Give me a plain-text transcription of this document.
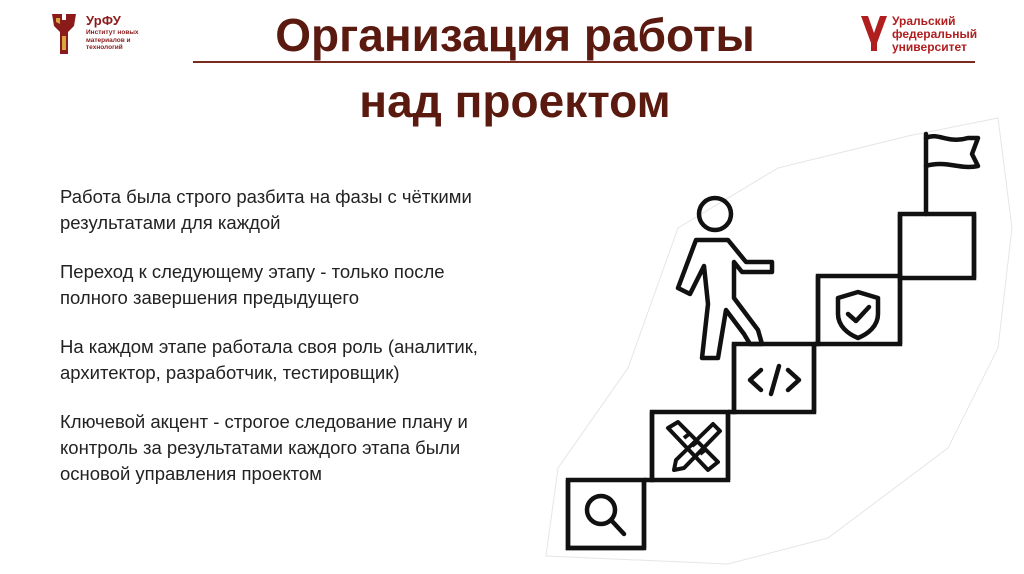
УрФУ
Институт новых материалов и технологий	Организация работы
над проектом
Уральский
федеральный
университет

Работа была строго разбита на фазы с чёткими
результатами для каждой

Переход к следующему этапу - только после
полного завершения предыдущего

На каждом этапе работала своя роль (аналитик,
архитектор, разработчик, тестировщик)

Ключевой акцент - строгое следование плану и
контроль за результатами каждого этапа были
основой управления проектом
